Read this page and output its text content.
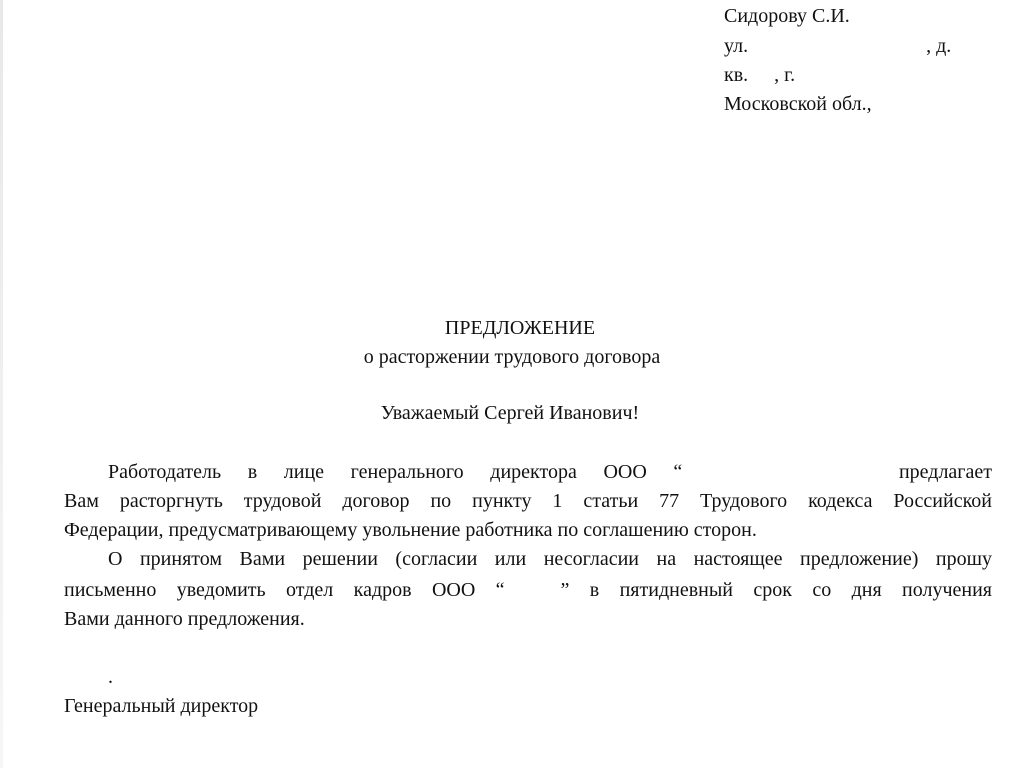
Сидорову С.И.
ул.	, д.
кв. , г.
Московской обл.,
ПРЕДЛОЖЕНИЕ
о расторжении трудового договора
Уважаемый Сергей Иванович!
Работодатель в лице генерального директора ООО “	предлагает
Вам расторгнуть трудовой договор по пункту 1 статьи 77 Трудового кодекса Российской
Федерации, предусматривающему увольнение работника по соглашению сторон.
О принятом Вами решении (согласии или несогласии на настоящее предложение) прошу
письменно уведомить отдел кадров ООО “	” в пятидневный срок со дня получения
Вами данного предложения.
.
Генеральный директор
